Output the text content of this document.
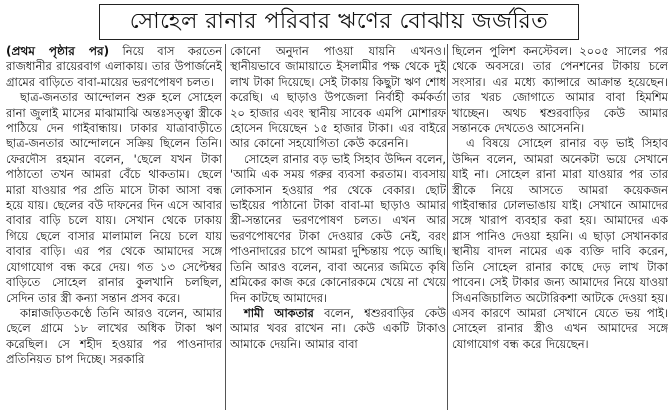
সোহেল রানার পরিবার ঋণের বোঝায় জর্জরিত

(প্রথম পৃষ্ঠার পর) নিয়ে বাস করতেন রাজধানীর রায়েরবাগ এলাকায়। তার উপার্জনেই গ্রামের বাড়িতে বাবা-মায়ের ভরণপোষণ চলত।

ছাত্র-জনতার আন্দোলন শুরু হলে সোহেল রানা জুলাই মাসের মাঝামাঝি অন্তঃসত্ত্বা স্ত্রীকে পাঠিয়ে দেন গাইবান্ধায়। ঢাকার যাত্রাবাড়ীতে ছাত্র-জনতার আন্দোলনে সক্রিয় ছিলেন তিনি। ফেরদৌস রহমান বলেন, 'ছেলে যখন টাকা পাঠাতো তখন আমরা বেঁচে থাকতাম। ছেলে মারা যাওয়ার পর প্রতি মাসে টাকা আসা বন্ধ হয়ে যায়। ছেলের বউ দাফনের দিন এসে আবার বাবার বাড়ি চলে যায়। সেখান থেকে ঢাকায় গিয়ে ছেলে বাসার মালামাল নিয়ে চলে যায় বাবার বাড়ি। এর পর থেকে আমাদের সঙ্গে যোগাযোগ বন্ধ করে দেয়। গত ১৩ সেপ্টেম্বর বাড়িতে সোহেল রানার কুলখানি চলছিল, সেদিন তার স্ত্রী কন্যা সন্তান প্রসব করে।

কান্নাজড়িতকণ্ঠে তিনি আরও বলেন, আমার ছেলে গ্রামে ১৮ লাখের অধিক টাকা ঋণ করেছিল। সে শহীদ হওয়ার পর পাওনাদার প্রতিনিয়ত চাপ দিচ্ছে। সরকারি

কোনো অনুদান পাওয়া যায়নি এখনও। স্থানীয়ভাবে জামায়াতে ইসলামীর পক্ষ থেকে দুই লাখ টাকা দিয়েছে। সেই টাকায় কিছুটা ঋণ শোধ করেছি। এ ছাড়াও উপজেলা নির্বাহী কর্মকর্তা ২০ হাজার এবং স্থানীয় সাবেক এমপি মোশারফ হোসেন দিয়েছেন ১৫ হাজার টাকা। এর বাইরে আর কোনো সহযোগিতা কেউ করেননি।

সোহেল রানার বড় ভাই সিহাব উদ্দিন বলেন, 'আমি এক সময় গরুর ব্যবসা করতাম। ব্যবসায় লোকসান হওয়ার পর থেকে বেকার। ছোট ভাইয়ের পাঠানো টাকা বাবা-মা ছাড়াও আমার স্ত্রী-সন্তানের ভরণপোষণ চলত। এখন আর ভরণপোষণের টাকা দেওয়ার কেউ নেই, বরং পাওনাদারের চাপে আমরা দুশ্চিন্তায় পড়ে আছি। তিনি আরও বলেন, বাবা অন্যের জমিতে কৃষি শ্রমিকের কাজ করে কোনোরকমে খেয়ে না খেয়ে দিন কাটছে আমাদের।

শামী আকতার বলেন, শ্বশুরবাড়ির কেউ আমার খবর রাখেন না। কেউ একটি টাকাও আমাকে দেয়নি। আমার বাবা

ছিলেন পুলিশ কনস্টেবল। ২০০৫ সালের পর থেকে অবসরে। তার পেনশনের টাকায় চলে সংসার। এর মধ্যে ক্যান্সারে আক্রান্ত হয়েছেন। তার খরচ জোগাতে আমার বাবা হিমশিম খাচ্ছেন। অথচ শ্বশুরবাড়ির কেউ আমার সন্তানকে দেখতেও আসেননি।

এ বিষয়ে সোহেল রানার বড় ভাই সিহাব উদ্দিন বলেন, আমরা অনেকটা ভয়ে সেখানে যাই না। সোহেল রানা মারা যাওয়ার পর তার স্ত্রীকে নিয়ে আসতে আমরা কয়েকজন গাইবান্ধার ঢোলভাঙায় যাই। সেখানে আমাদের সঙ্গে খারাপ ব্যবহার করা হয়। আমাদের এক গ্লাস পানিও দেওয়া হয়নি। এ ছাড়া সেখানকার স্থানীয় বাদল নামের এক ব্যক্তি দাবি করেন, তিনি সোহেল রানার কাছে দেড় লাখ টাকা পাবেন। সেই টাকার জন্য আমাদের নিয়ে যাওয়া সিএনজিচালিত অটোরিকশা আটকে দেওয়া হয়। এসব কারণে আমরা সেখানে যেতে ভয় পাই। সোহেল রানার স্ত্রীও এখন আমাদের সঙ্গে যোগাযোগ বন্ধ করে দিয়েছেন।
